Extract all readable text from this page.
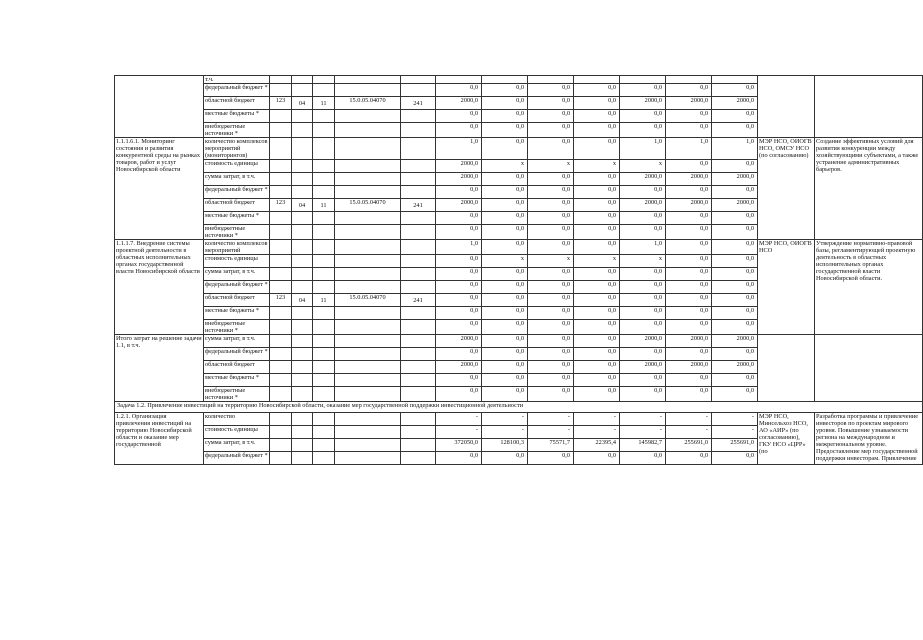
	т.ч.														
	федеральный бюджет *						0,0	0,0	0,0	0,0	0,0	0,0	0,0		
	областной бюджет	123	04	11	15.0.05.04070	241	2000,0	0,0	0,0	0,0	2000,0	2000,0	2000,0		
	местные бюджеты *						0,0	0,0	0,0	0,0	0,0	0,0	0,0		
	внебюджетные источники *						0,0	0,0	0,0	0,0	0,0	0,0	0,0		
1.1.1.6.1. Мониторинг состояния и развития конкурентной среды на рынках товаров, работ и услуг Новосибирской области	количество комплексов мероприятий (мониторингов)						1,0	0,0	0,0	0,0	1,0	1,0	1,0	МЭР НСО, ОИОГВ НСО, ОМСУ НСО (по согласованию)	Создание эффективных условий для развития конкуренции между хозяйствующими субъектами, а также устранение административных барьеров.
	стоимость единицы						2000,0	х	х	х	х	0,0	0,0		
	сумма затрат, в т.ч.						2000,0	0,0	0,0	0,0	2000,0	2000,0	2000,0		
	федеральный бюджет *						0,0	0,0	0,0	0,0	0,0	0,0	0,0		
	областной бюджет	123	04	11	15.0.05.04070	241	2000,0	0,0	0,0	0,0	2000,0	2000,0	2000,0		
	местные бюджеты *						0,0	0,0	0,0	0,0	0,0	0,0	0,0		
	внебюджетные источники *						0,0	0,0	0,0	0,0	0,0	0,0	0,0		
1.1.1.7. Внедрение системы проектной деятельности в областных исполнительных органах государственной власти Новосибирской области	количество комплексов мероприятий						1,0	0,0	0,0	0,0	1,0	0,0	0,0	МЭР НСО, ОИОГВ НСО	Утверждение нормативно-правовой базы, регламентирующей проектную деятельность в областных исполнительных органах государственной власти Новосибирской области.
	стоимость единицы						0,0	х	х	х	х	0,0	0,0		
	сумма затрат, в т.ч.						0,0	0,0	0,0	0,0	0,0	0,0	0,0		
	федеральный бюджет *						0,0	0,0	0,0	0,0	0,0	0,0	0,0		
	областной бюджет	123	04	11	15.0.05.04070	241	0,0	0,0	0,0	0,0	0,0	0,0	0,0		
	местные бюджеты *						0,0	0,0	0,0	0,0	0,0	0,0	0,0		
	внебюджетные источники *						0,0	0,0	0,0	0,0	0,0	0,0	0,0		
Итого затрат на решение задачи 1.1, в т.ч.	сумма затрат, в т.ч.						2000,0	0,0	0,0	0,0	2000,0	2000,0	2000,0		
	федеральный бюджет *						0,0	0,0	0,0	0,0	0,0	0,0	0,0		
	областной бюджет						2000,0	0,0	0,0	0,0	2000,0	2000,0	2000,0		
	местные бюджеты *						0,0	0,0	0,0	0,0	0,0	0,0	0,0		
	внебюджетные источники *						0,0	0,0	0,0	0,0	0,0	0,0	0,0		
Задача 1.2. Привлечение инвестиций на территорию Новосибирской области, оказание мер государственной поддержки инвестиционной деятельности															
1.2.1. Организация привлечения инвестиций на территорию Новосибирской области и оказание мер государственной	количество						-	-	-	-	-	-	-	МЭР НСО, Минсельхоз НСО, АО «АИР» (по согласованию), ГКУ НСО «ЦРР» (по	Разработка программы и привлечение инвесторов по проектам мирового уровня. Повышение узнаваемости региона на международном и межрегиональном уровне. Предоставление мер государственной поддержки инвесторам. Привлечение
	стоимость единицы						-	-	-	-	-	-	-		
	сумма затрат, в т.ч.						372050,0	128100,3	75571,7	22395,4	145982,7	255691,0	255691,0		
	федеральный бюджет *						0,0	0,0	0,0	0,0	0,0	0,0	0,0		
